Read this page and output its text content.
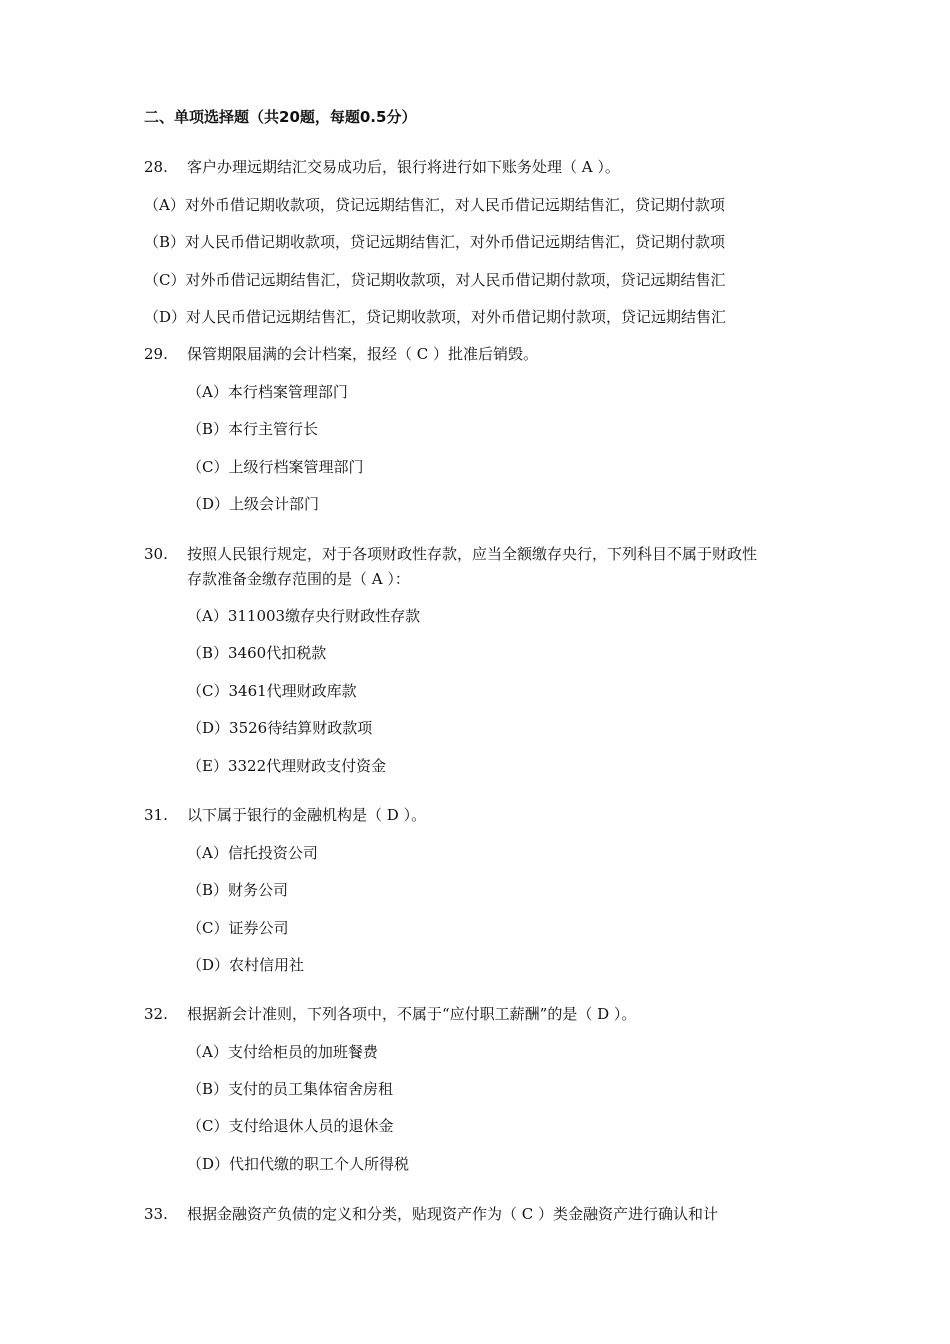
二、单项选择题（共20题，每题0.5分）
28. 客户办理远期结汇交易成功后，银行将进行如下账务处理（ A ）。
（A）对外币借记期收款项，贷记远期结售汇，对人民币借记远期结售汇，贷记期付款项
（B）对人民币借记期收款项，贷记远期结售汇，对外币借记远期结售汇，贷记期付款项
（C）对外币借记远期结售汇，贷记期收款项，对人民币借记期付款项，贷记远期结售汇
（D）对人民币借记远期结售汇，贷记期收款项，对外币借记期付款项，贷记远期结售汇
29. 保管期限届满的会计档案，报经（ C ）批准后销毁。
（A）本行档案管理部门
（B）本行主管行长
（C）上级行档案管理部门
（D）上级会计部门
30. 按照人民银行规定，对于各项财政性存款，应当全额缴存央行，下列科目不属于财政性
存款准备金缴存范围的是（ A ）：
（A）311003缴存央行财政性存款
（B）3460代扣税款
（C）3461代理财政库款
（D）3526待结算财政款项
（E）3322代理财政支付资金
31. 以下属于银行的金融机构是（ D ）。
（A）信托投资公司
（B）财务公司
（C）证券公司
（D）农村信用社
32. 根据新会计准则，下列各项中，不属于“应付职工薪酬”的是（ D ）。
（A）支付给柜员的加班餐费
（B）支付的员工集体宿舍房租
（C）支付给退休人员的退休金
（D）代扣代缴的职工个人所得税
33. 根据金融资产负债的定义和分类，贴现资产作为（ C ）类金融资产进行确认和计
